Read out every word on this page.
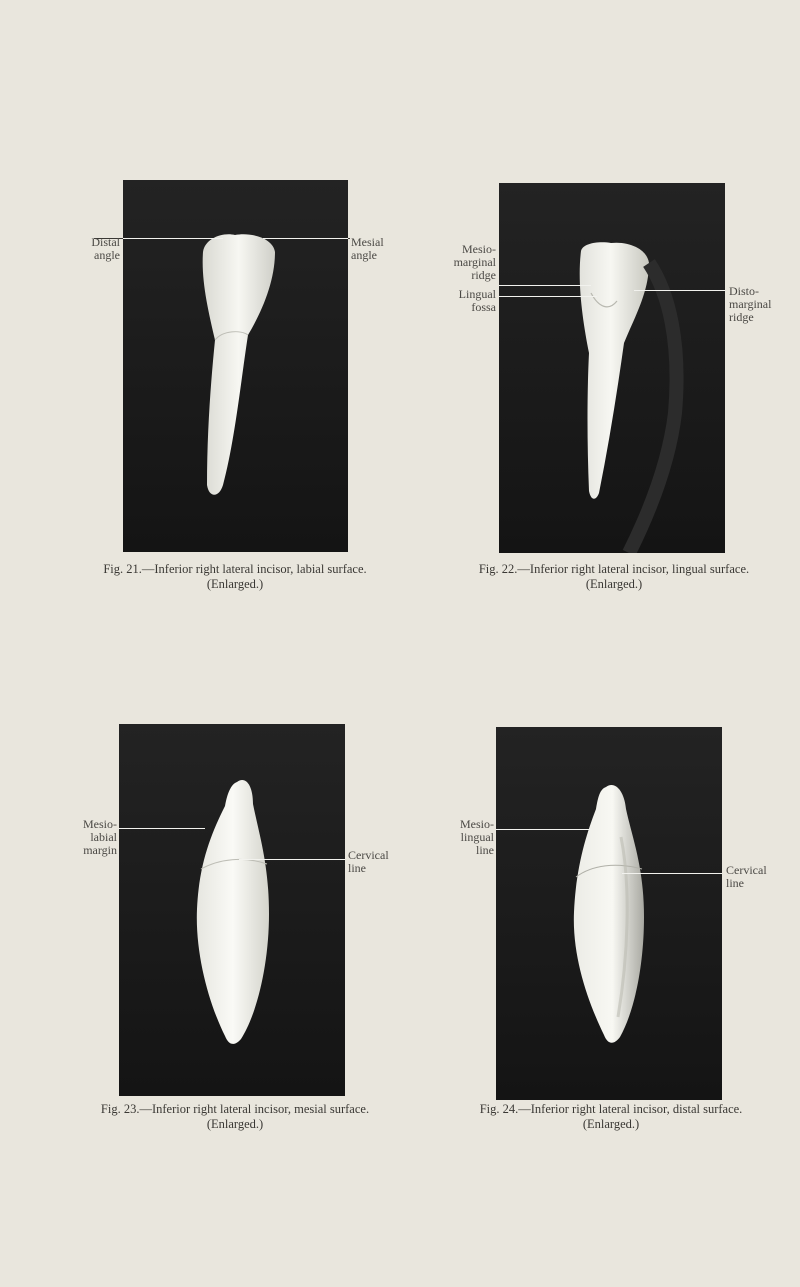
Distal
angle
Mesial
angle
Fig. 21.—Inferior right lateral incisor, labial surface.
(Enlarged.)
Mesio-
marginal
ridge
Lingual
fossa
Disto-
marginal
ridge
Fig. 22.—Inferior right lateral incisor, lingual surface.
(Enlarged.)
Mesio-
labial
margin	Cervical
line
Fig. 23.—Inferior right lateral incisor, mesial surface.
(Enlarged.)
Mesio-
lingual
line
Cervical
line
Fig. 24.—Inferior right lateral incisor, distal surface.
(Enlarged.)
